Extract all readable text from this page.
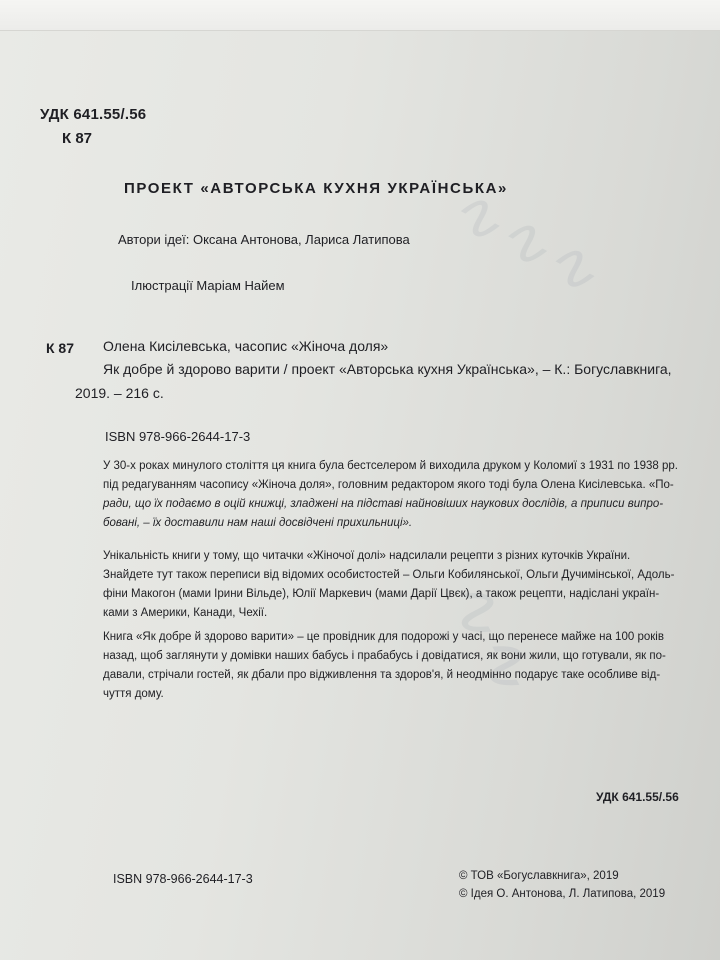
​∿∿∿
​∿∿

УДК 641.55/.56

К 87

ПРОЕКТ «АВТОРСЬКА КУХНЯ УКРАЇНСЬКА»

Автори ідеї: Оксана Антонова, Лариса Латипова

Ілюстрації Маріам Найем

К 87 Олена Кисілевська, часопис «Жіноча доля»

Як добре й здорово варити / проект «Авторська кухня Українська», – К.: Богуславкнига,

2019. – 216 с.

ISBN 978-966-2644-17-3

У 30-х роках минулого століття ця книга була бестселером й виходила друком у Коломиї з 1931 по 1938 рр.
під редагуванням часопису «Жіноча доля», головним редактором якого тоді була Олена Кисілевська. «По-
ради, що їх подаємо в оцій книжці, зладжені на підставі найновіших наукових дослідів, а приписи випро-
бовані, – їх доставили нам наші досвідчені прихильниці».
Унікальність книги у тому, що читачки «Жіночої долі» надсилали рецепти з різних куточків України.
Знайдете тут також переписи від відомих особистостей – Ольги Кобилянської, Ольги Дучимінської, Адоль-
фіни Макогон (мами Ірини Вільде), Юлії Маркевич (мами Дарії Цвєк), а також рецепти, надіслані україн-
ками з Америки, Канади, Чехії.
Книга «Як добре й здорово варити» – це провідник для подорожі у часі, що перенесе майже на 100 років
назад, щоб заглянути у домівки наших бабусь і прабабусь і довідатися, як вони жили, що готували, як по-
давали, стрічали гостей, як дбали про відживлення та здоров'я, й неодмінно подарує таке особливе від-
чуття дому.

УДК 641.55/.56

ISBN 978-966-2644-17-3	© ТОВ «Богуславкнига», 2019

© Ідея О. Антонова, Л. Латипова, 2019
